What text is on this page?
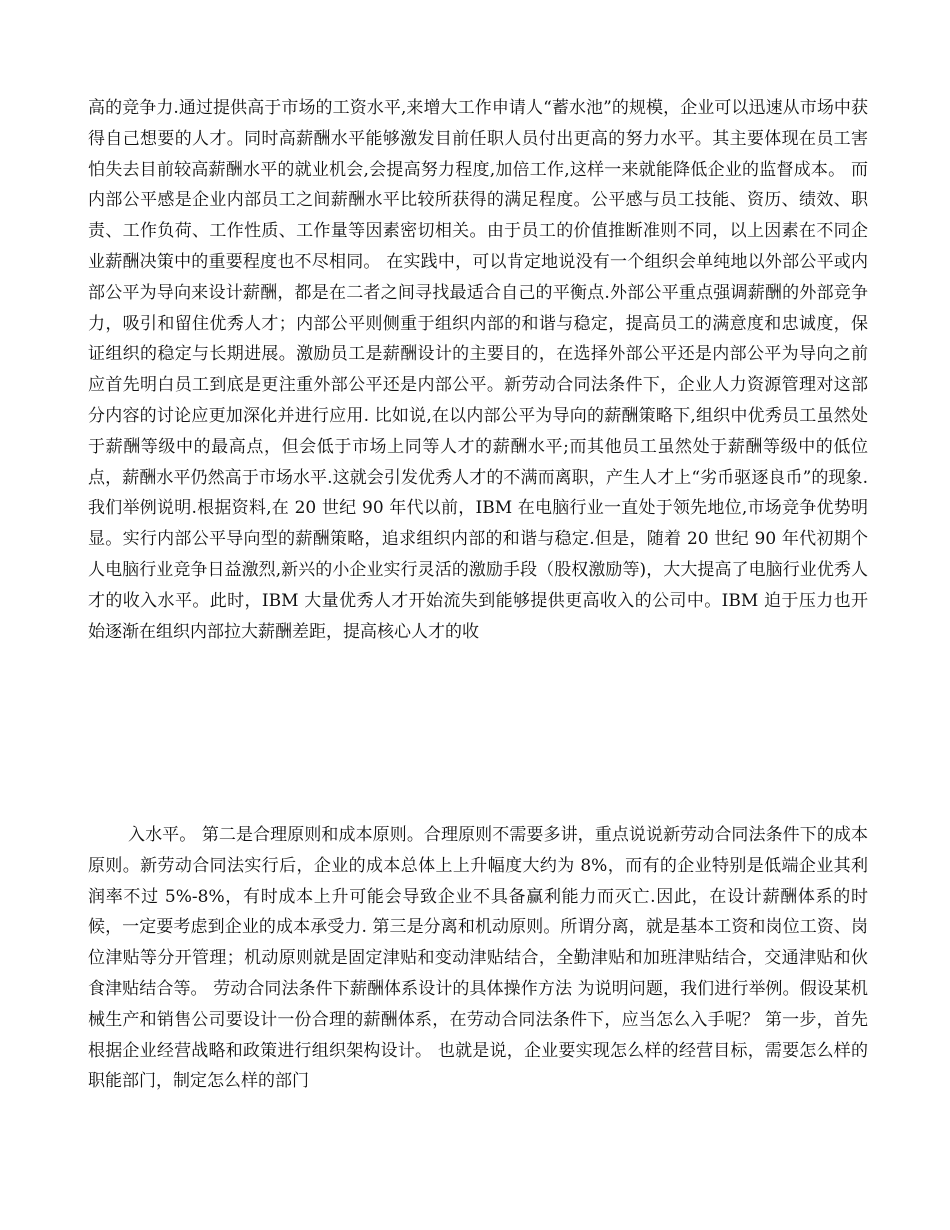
高的竞争力.通过提供高于市场的工资水平,来增大工作申请人“蓄水池”的规模，企业可以迅速从市场中获得自己想要的人才。同时高薪酬水平能够激发目前任职人员付出更高的努力水平。其主要体现在员工害怕失去目前较高薪酬水平的就业机会,会提高努力程度,加倍工作,这样一来就能降低企业的监督成本。 而内部公平感是企业内部员工之间薪酬水平比较所获得的满足程度。公平感与员工技能、资历、绩效、职责、工作负荷、工作性质、工作量等因素密切相关。由于员工的价值推断准则不同，以上因素在不同企业薪酬决策中的重要程度也不尽相同。 在实践中，可以肯定地说没有一个组织会单纯地以外部公平或内部公平为导向来设计薪酬，都是在二者之间寻找最适合自己的平衡点.外部公平重点强调薪酬的外部竞争力，吸引和留住优秀人才；内部公平则侧重于组织内部的和谐与稳定，提高员工的满意度和忠诚度，保证组织的稳定与长期进展。激励员工是薪酬设计的主要目的，在选择外部公平还是内部公平为导向之前应首先明白员工到底是更注重外部公平还是内部公平。新劳动合同法条件下，企业人力资源管理对这部分内容的讨论应更加深化并进行应用. 比如说,在以内部公平为导向的薪酬策略下,组织中优秀员工虽然处于薪酬等级中的最高点，但会低于市场上同等人才的薪酬水平;而其他员工虽然处于薪酬等级中的低位点，薪酬水平仍然高于市场水平.这就会引发优秀人才的不满而离职，产生人才上“劣币驱逐良币”的现象.我们举例说明.根据资料,在 20 世纪 90 年代以前，IBM 在电脑行业一直处于领先地位,市场竞争优势明显。实行内部公平导向型的薪酬策略，追求组织内部的和谐与稳定.但是，随着 20 世纪 90 年代初期个人电脑行业竞争日益激烈,新兴的小企业实行灵活的激励手段（股权激励等)，大大提高了电脑行业优秀人才的收入水平。此时，IBM 大量优秀人才开始流失到能够提供更高收入的公司中。IBM 迫于压力也开始逐渐在组织内部拉大薪酬差距，提高核心人才的收

入水平。 第二是合理原则和成本原则。合理原则不需要多讲，重点说说新劳动合同法条件下的成本原则。新劳动合同法实行后，企业的成本总体上上升幅度大约为 8%，而有的企业特别是低端企业其利润率不过 5%-8%，有时成本上升可能会导致企业不具备赢利能力而灭亡.因此，在设计薪酬体系的时候，一定要考虑到企业的成本承受力. 第三是分离和机动原则。所谓分离，就是基本工资和岗位工资、岗位津贴等分开管理；机动原则就是固定津贴和变动津贴结合，全勤津贴和加班津贴结合，交通津贴和伙食津贴结合等。 劳动合同法条件下薪酬体系设计的具体操作方法 为说明问题，我们进行举例。假设某机械生产和销售公司要设计一份合理的薪酬体系，在劳动合同法条件下，应当怎么入手呢？ 第一步，首先根据企业经营战略和政策进行组织架构设计。 也就是说，企业要实现怎么样的经营目标，需要怎么样的职能部门，制定怎么样的部门
